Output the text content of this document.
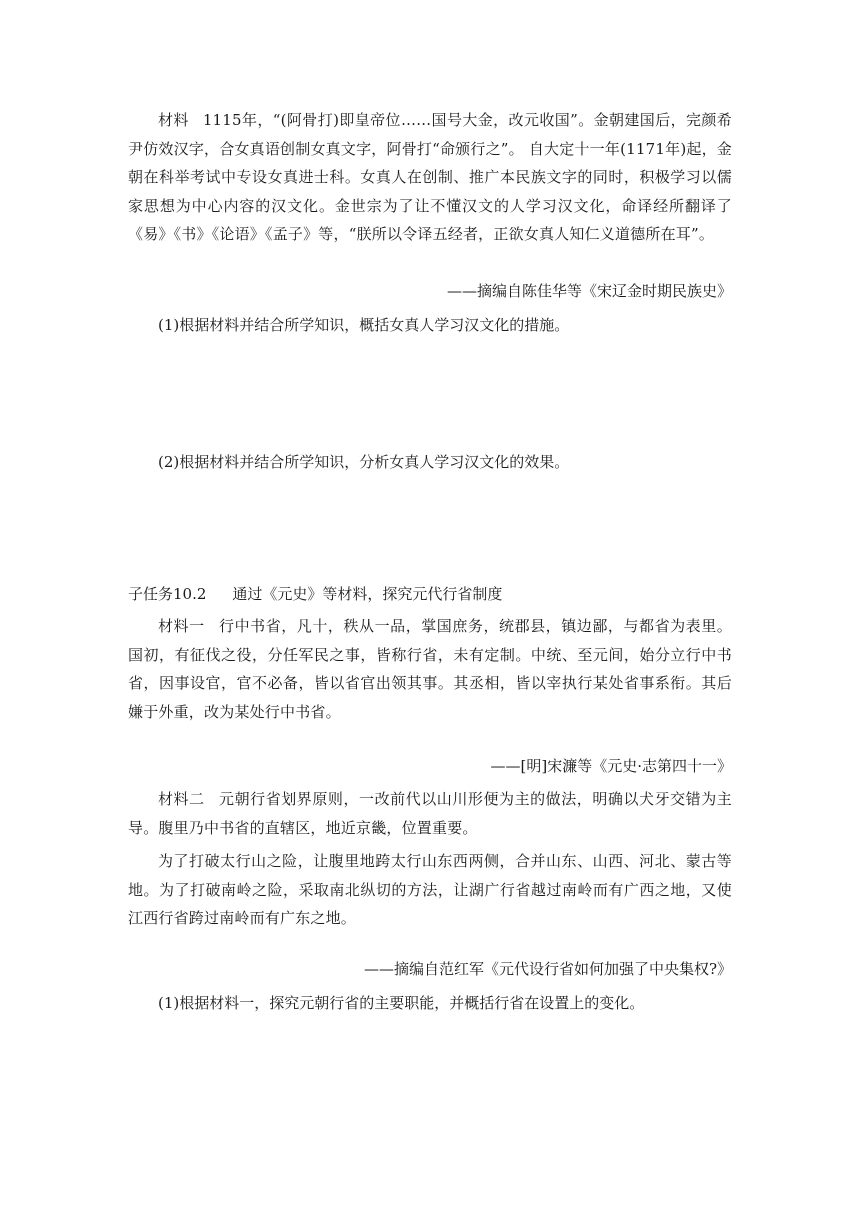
材料 1115年，“(阿骨打)即皇帝位……国号大金，改元收国”。金朝建国后，完颜希尹仿效汉字，合女真语创制女真文字，阿骨打“命颁行之”。 自大定十一年(1171年)起，金朝在科举考试中专设女真进士科。女真人在创制、推广本民族文字的同时，积极学习以儒家思想为中心内容的汉文化。金世宗为了让不懂汉文的人学习汉文化，命译经所翻译了《易》《书》《论语》《孟子》等，“朕所以令译五经者，正欲女真人知仁义道德所在耳”。

——摘编自陈佳华等《宋辽金时期民族史》

(1)根据材料并结合所学知识，概括女真人学习汉文化的措施。

(2)根据材料并结合所学知识，分析女真人学习汉文化的效果。

子任务10.2 通过《元史》等材料，探究元代行省制度

材料一 行中书省，凡十，秩从一品，掌国庶务，统郡县，镇边鄙，与都省为表里。国初，有征伐之役，分任军民之事，皆称行省，未有定制。中统、至元间，始分立行中书省，因事设官，官不必备，皆以省官出领其事。其丞相，皆以宰执行某处省事系衔。其后嫌于外重，改为某处行中书省。

——[明]宋濂等《元史·志第四十一》

材料二 元朝行省划界原则，一改前代以山川形便为主的做法，明确以犬牙交错为主导。腹里乃中书省的直辖区，地近京畿，位置重要。

为了打破太行山之险，让腹里地跨太行山东西两侧，合并山东、山西、河北、蒙古等地。为了打破南岭之险，采取南北纵切的方法，让湖广行省越过南岭而有广西之地，又使江西行省跨过南岭而有广东之地。

——摘编自范红军《元代设行省如何加强了中央集权?》

(1)根据材料一，探究元朝行省的主要职能，并概括行省在设置上的变化。
